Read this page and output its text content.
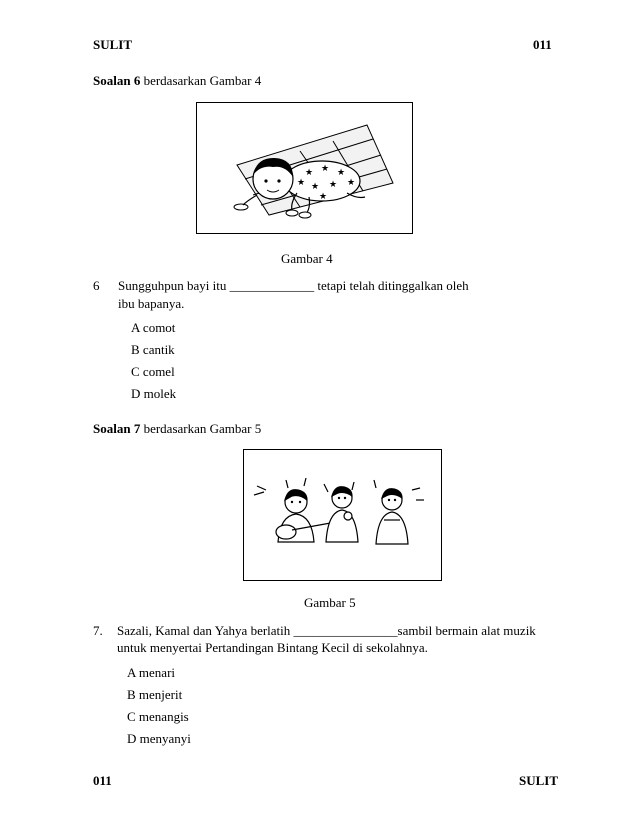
SULIT	011
Soalan 6 berdasarkan Gambar 4
★ ★ ★
★ ★ ★
★
★
Gambar 4
6 Sungguhpun bayi itu _____________ tetapi telah ditinggalkan oleh
ibu bapanya.
A comot
B cantik
C comel
D molek
Soalan 7 berdasarkan Gambar 5
Gambar 5
7. Sazali, Kamal dan Yahya berlatih ________________sambil bermain alat muzik
untuk menyertai Pertandingan Bintang Kecil di sekolahnya.
A menari
B menjerit
C menangis
D menyanyi
011	SULIT
